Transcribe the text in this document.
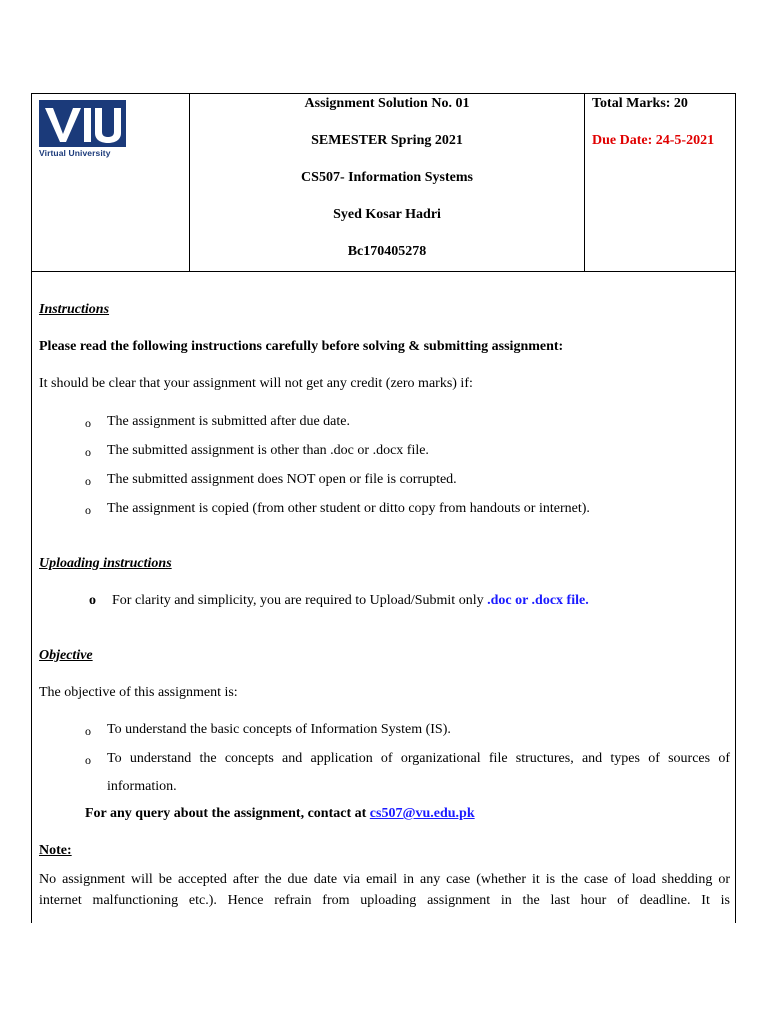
Virtual University
Assignment Solution No. 01
SEMESTER Spring 2021
CS507- Information Systems
Syed Kosar Hadri
Bc170405278
Total Marks: 20
Due Date: 24-5-2021
Instructions
Please read the following instructions carefully before solving & submitting assignment:
It should be clear that your assignment will not get any credit (zero marks) if:
o The assignment is submitted after due date.
o The submitted assignment is other than .doc or .docx file.
o The submitted assignment does NOT open or file is corrupted.
o The assignment is copied (from other student or ditto copy from handouts or internet).
Uploading instructions
o For clarity and simplicity, you are required to Upload/Submit only .doc or .docx file.
Objective
The objective of this assignment is:
o To understand the basic concepts of Information System (IS).
o To understand the concepts and application of organizational file structures, and types of sources of
information.
For any query about the assignment, contact at cs507@vu.edu.pk
Note:
No assignment will be accepted after the due date via email in any case (whether it is the case of load shedding or
internet malfunctioning etc.). Hence refrain from uploading assignment in the last hour of deadline. It is
